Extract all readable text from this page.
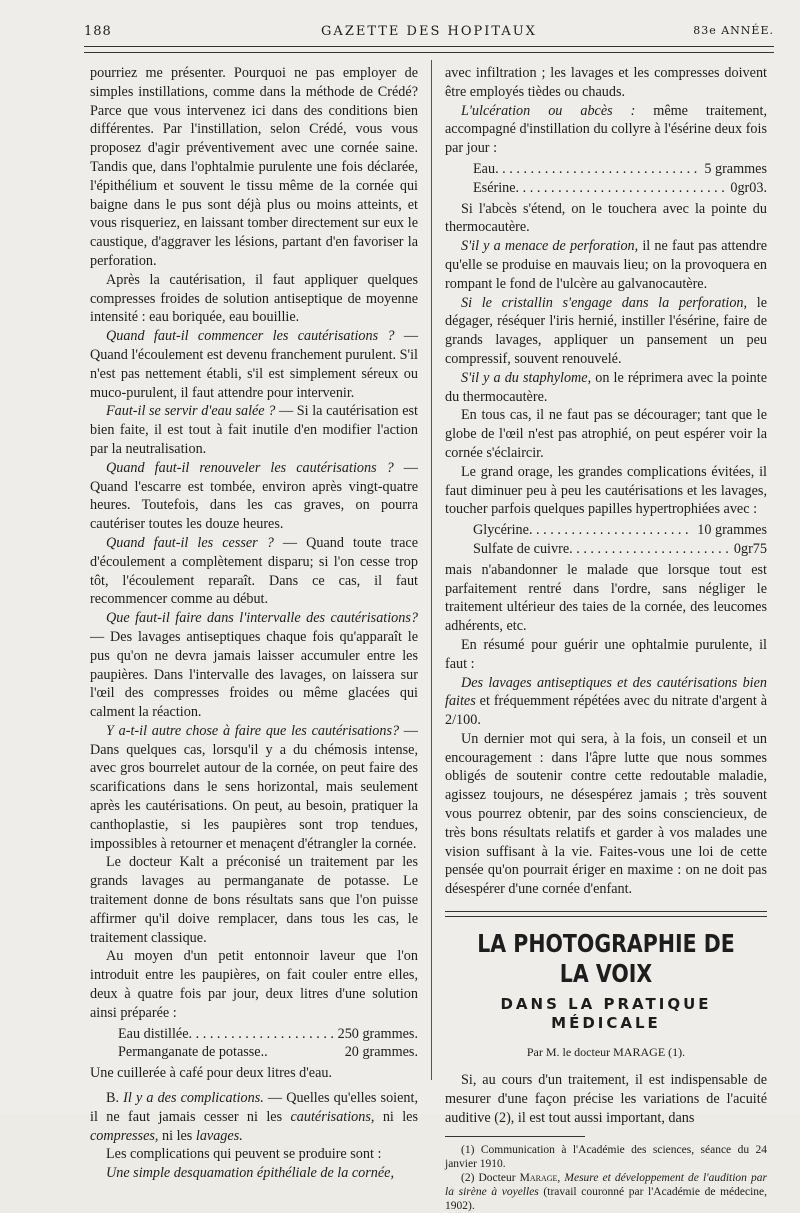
188	GAZETTE DES HOPITAUX	83e ANNÉE.

pourriez me présenter. Pourquoi ne pas employer de simples instillations, comme dans la méthode de Crédé? Parce que vous intervenez ici dans des conditions bien différentes. Par l'instillation, selon Crédé, vous vous proposez d'agir préventivement avec une cornée saine. Tandis que, dans l'ophtalmie purulente une fois déclarée, l'épithélium et souvent le tissu même de la cornée qui baigne dans le pus sont déjà plus ou moins atteints, et vous risqueriez, en laissant tomber directement sur eux le caustique, d'aggraver les lésions, partant d'en favoriser la perforation.

Après la cautérisation, il faut appliquer quelques compresses froides de solution antiseptique de moyenne intensité : eau boriquée, eau bouillie.

Quand faut-il commencer les cautérisations ? — Quand l'écoulement est devenu franchement purulent. S'il n'est pas nettement établi, s'il est simplement séreux ou muco-purulent, il faut attendre pour intervenir.

Faut-il se servir d'eau salée ? — Si la cautérisation est bien faite, il est tout à fait inutile d'en modifier l'action par la neutralisation.

Quand faut-il renouveler les cautérisations ? — Quand l'escarre est tombée, environ après vingt-quatre heures. Toutefois, dans les cas graves, on pourra cautériser toutes les douze heures.

Quand faut-il les cesser ? — Quand toute trace d'écoulement a complètement disparu; si l'on cesse trop tôt, l'écoulement reparaît. Dans ce cas, il faut recommencer comme au début.

Que faut-il faire dans l'intervalle des cautérisations? — Des lavages antiseptiques chaque fois qu'apparaît le pus qu'on ne devra jamais laisser accumuler entre les paupières. Dans l'intervalle des lavages, on laissera sur l'œil des compresses froides ou même glacées qui calment la réaction.

Y a-t-il autre chose à faire que les cautérisations? — Dans quelques cas, lorsqu'il y a du chémosis intense, avec gros bourrelet autour de la cornée, on peut faire des scarifications dans le sens horizontal, mais seulement après les cautérisations. On peut, au besoin, pratiquer la canthoplastie, si les paupières sont trop tendues, impossibles à retourner et menaçent d'étrangler la cornée.

Le docteur Kalt a préconisé un traitement par les grands lavages au permanganate de potasse. Le traitement donne de bons résultats sans que l'on puisse affirmer qu'il doive remplacer, dans tous les cas, le traitement classique.

Au moyen d'un petit entonnoir laveur que l'on introduit entre les paupières, on fait couler entre elles, deux à quatre fois par jour, deux litres d'une solution ainsi préparée :

Eau distillée . . .	250 grammes.
Permanganate de potasse..	20 grammes.

Une cuillerée à café pour deux litres d'eau.

B. Il y a des complications. — Quelles qu'elles soient, il ne faut jamais cesser ni les cautérisations, ni les compresses, ni les lavages.

Les complications qui peuvent se produire sont :

Une simple desquamation épithéliale de la cornée,

avec infiltration ; les lavages et les compresses doivent être employés tièdes ou chauds.

L'ulcération ou abcès : même traitement, accompagné d'instillation du collyre à l'ésérine deux fois par jour :

Eau . . .	5 grammes
Esérine . . .	0gr03.

Si l'abcès s'étend, on le touchera avec la pointe du thermocautère.

S'il y a menace de perforation, il ne faut pas attendre qu'elle se produise en mauvais lieu; on la provoquera en rompant le fond de l'ulcère au galvanocautère.

Si le cristallin s'engage dans la perforation, le dégager, réséquer l'iris hernié, instiller l'ésérine, faire de grands lavages, appliquer un pansement un peu compressif, souvent renouvelé.

S'il y a du staphylome, on le réprimera avec la pointe du thermocautère.

En tous cas, il ne faut pas se décourager; tant que le globe de l'œil n'est pas atrophié, on peut espérer voir la cornée s'éclaircir.

Le grand orage, les grandes complications évitées, il faut diminuer peu à peu les cautérisations et les lavages, toucher parfois quelques papilles hypertrophiées avec :

Glycérine . . .	10 grammes
Sulfate de cuivre . . .	0gr75

mais n'abandonner le malade que lorsque tout est parfaitement rentré dans l'ordre, sans négliger le traitement ultérieur des taies de la cornée, des leucomes adhérents, etc.

En résumé pour guérir une ophtalmie purulente, il faut :

Des lavages antiseptiques et des cautérisations bien faites et fréquemment répétées avec du nitrate d'argent à 2/100.

Un dernier mot qui sera, à la fois, un conseil et un encouragement : dans l'âpre lutte que nous sommes obligés de soutenir contre cette redoutable maladie, agissez toujours, ne désespérez jamais ; très souvent vous pourrez obtenir, par des soins consciencieux, de très bons résultats relatifs et garder à vos malades une vision suffisant à la vie. Faites-vous une loi de cette pensée qu'on pourrait ériger en maxime : on ne doit pas désespérer d'une cornée d'enfant.

LA PHOTOGRAPHIE DE LA VOIX
DANS LA PRATIQUE MÉDICALE
Par M. le docteur MARAGE (1).

Si, au cours d'un traitement, il est indispensable de mesurer d'une façon précise les variations de l'acuité auditive (2), il est tout aussi important, dans

(1) Communication à l'Académie des sciences, séance du 24 janvier 1910.

(2) Docteur Marage, Mesure et développement de l'audition par la sirène à voyelles (travail couronné par l'Académie de médecine, 1902).
